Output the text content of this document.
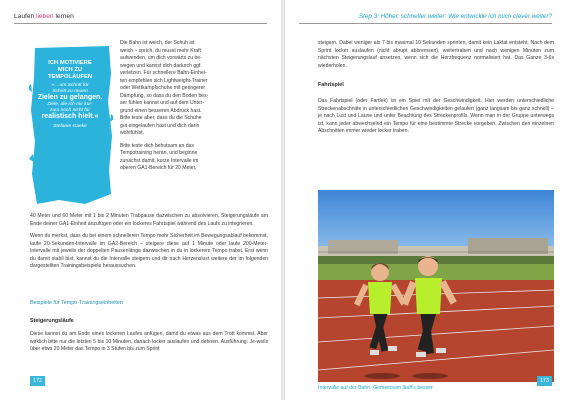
Laufen lieben lernen
ICH MOTIVIERE
MICH ZU
TEMPOLÄUFEN
»... um Schritt für
Schritt zu neuen
Zielen zu gelangen.
Ziele, die ich mir kur-
zum noch nicht für
realistisch hielt.«
Stefanie Gaeke

Die Bahn ist weich, der Schuh ist
weich – sprich, du musst mehr Kraft
aufwenden, um dich vorwärts zu be-
wegen und kannst dich dadurch ggf.
verletzen. Für schnellere Bahn-Einhei-
ten empfehlen sich Lightweight-Trainer
oder Wettkampfschuhe mit geringerer
Dämpfung, so dass du den Boden bes-
ser fühlen kannst und auf dem Unter-
grund einen besseren Abdruck hast.
Bitte teste aber, dass du die Schuhe
gut eingelaufen hast und dich darin
wohlfühlst.

Bitte teste dich behutsam an das
Tempotraining heran, und beginne
zunächst damit, kurze Intervalle im
oberen GA1-Bereich für 20 Meter,

40 Meter und 60 Meter mit 1 bis 2 Minuten Trabpause dazwischen zu absolvieren, Steigerungsläufe am Ende deiner GA1-Einheit anzufügen oder ein lockeres Fahrtspiel während des Laufs zu integrieren.

Wenn du merkst, dass du bei einem schnelleren Tempo mehr Sicherheit im Bewegungsablauf bekommst, laufe 20-Sekunden-Intervalle im GA2-Bereich – steigere diese auf 1 Minute oder laufe 200-Meter-Intervalle mit jeweils der doppelten Pausenlänge dazwischen in du in lockerem Tempo trabst. Erst wenn du damit stabil bist, kannst du die Intervalle steigern und dir nach Herzenslust weitere der im folgenden dargestellten Trainingsbeispiele heraussuchen.

Beispiele für Tempo-Trainingseinheiten
Steigerungsläufe

Diese kannst du am Ende eines lockeren Laufes anfügen, damit du etwas aus dem Trott kommst. Aber wirklich bitte nur die letzten 5 bis 10 Minuten, danach locker auslaufen und dehnen. Ausführung: Je-weils über etwa 20 Meter das Tempo in 3 Stufen bis zum Sprint

172
Step 3: Höher, schneller weiter: Wie entwickle ich mich clever weiter?

steigern. Dabei weniger als 7 bis maximal 10 Sekunden sprinten, damit kein Laktat entsteht. Nach dem Sprint locker auslaufen (nicht abrupt abbremsen), weitertraben und nach wenigen Minuten zum nächsten Steigerungslauf ansetzen, wenn sich die Herzfrequenz normalisiert hat. Das Ganze 3-6x wiederholen.

Fahrtspiel

Das Fahrtspiel (oder Fartlek) ist ein Spiel mit der Geschwindigkeit. Hier werden unterschiedliche Streckenabschnitte in unterschiedlichen Geschwindigkeiten gelaufen (ganz langsam bis ganz schnell) – je nach Lust und Laune und unter Beachtung des Streckenprofils. Wenn man in der Gruppe unterwegs ist, kann jeder abwechselnd ein Tempo für eine bestimmte Strecke vorgeben. Zwischen den einzelnen Abschnitten immer wieder locker traben.

Intervalle auf der Bahn: Gemeinsam läuft's besser.
173
